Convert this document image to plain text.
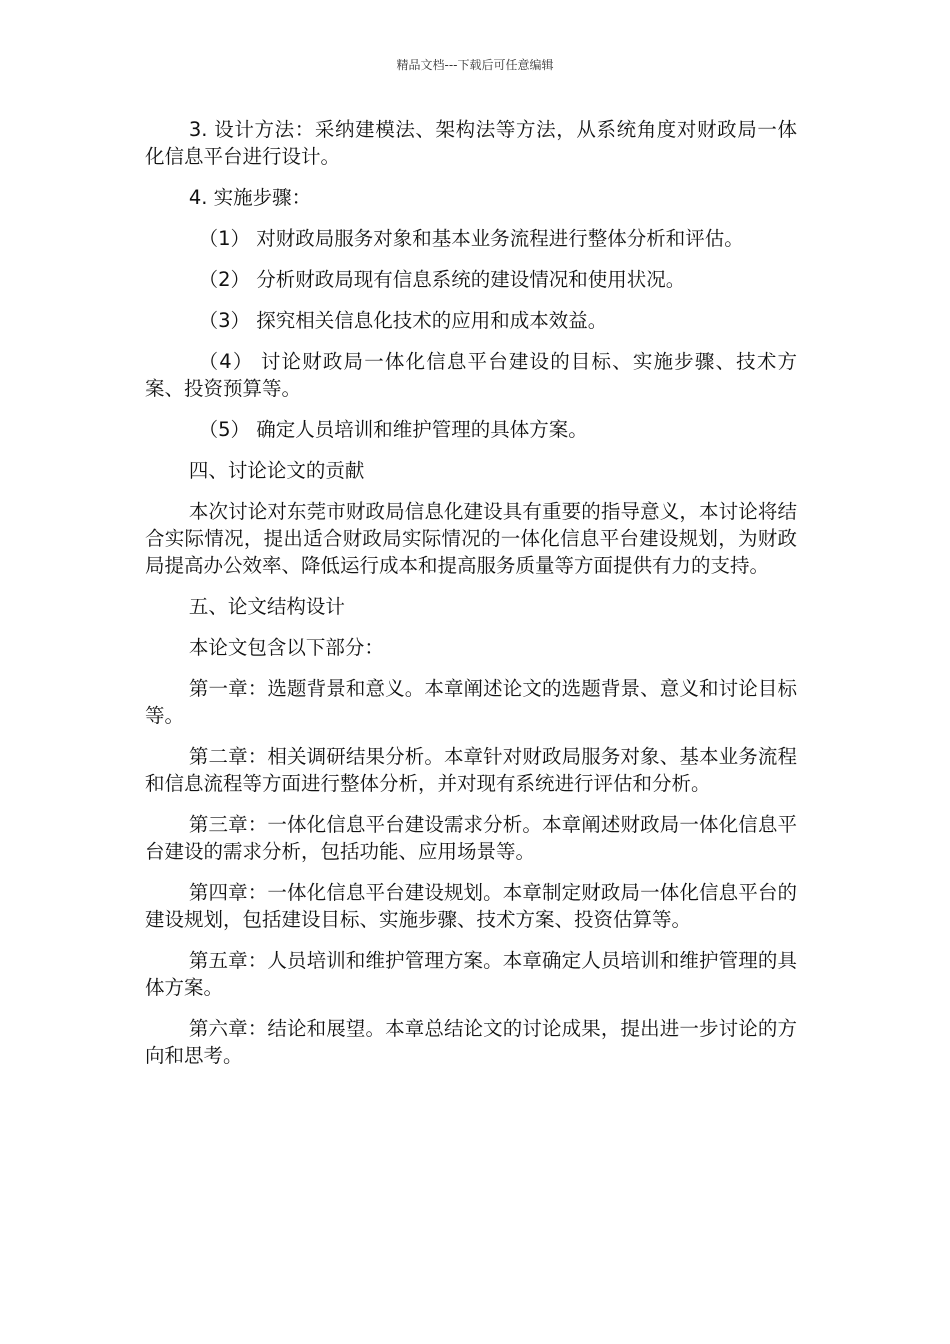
精品文档---下载后可任意编辑

3. 设计方法：采纳建模法、架构法等方法，从系统角度对财政局一体化信息平台进行设计。

4. 实施步骤：

（1） 对财政局服务对象和基本业务流程进行整体分析和评估。

（2） 分析财政局现有信息系统的建设情况和使用状况。

（3） 探究相关信息化技术的应用和成本效益。

（4） 讨论财政局一体化信息平台建设的目标、实施步骤、技术方案、投资预算等。

（5） 确定人员培训和维护管理的具体方案。

四、讨论论文的贡献

本次讨论对东莞市财政局信息化建设具有重要的指导意义，本讨论将结合实际情况，提出适合财政局实际情况的一体化信息平台建设规划，为财政局提高办公效率、降低运行成本和提高服务质量等方面提供有力的支持。

五、论文结构设计

本论文包含以下部分：

第一章：选题背景和意义。本章阐述论文的选题背景、意义和讨论目标等。

第二章：相关调研结果分析。本章针对财政局服务对象、基本业务流程和信息流程等方面进行整体分析，并对现有系统进行评估和分析。

第三章：一体化信息平台建设需求分析。本章阐述财政局一体化信息平台建设的需求分析，包括功能、应用场景等。

第四章：一体化信息平台建设规划。本章制定财政局一体化信息平台的建设规划，包括建设目标、实施步骤、技术方案、投资估算等。

第五章：人员培训和维护管理方案。本章确定人员培训和维护管理的具体方案。

第六章：结论和展望。本章总结论文的讨论成果，提出进一步讨论的方向和思考。
